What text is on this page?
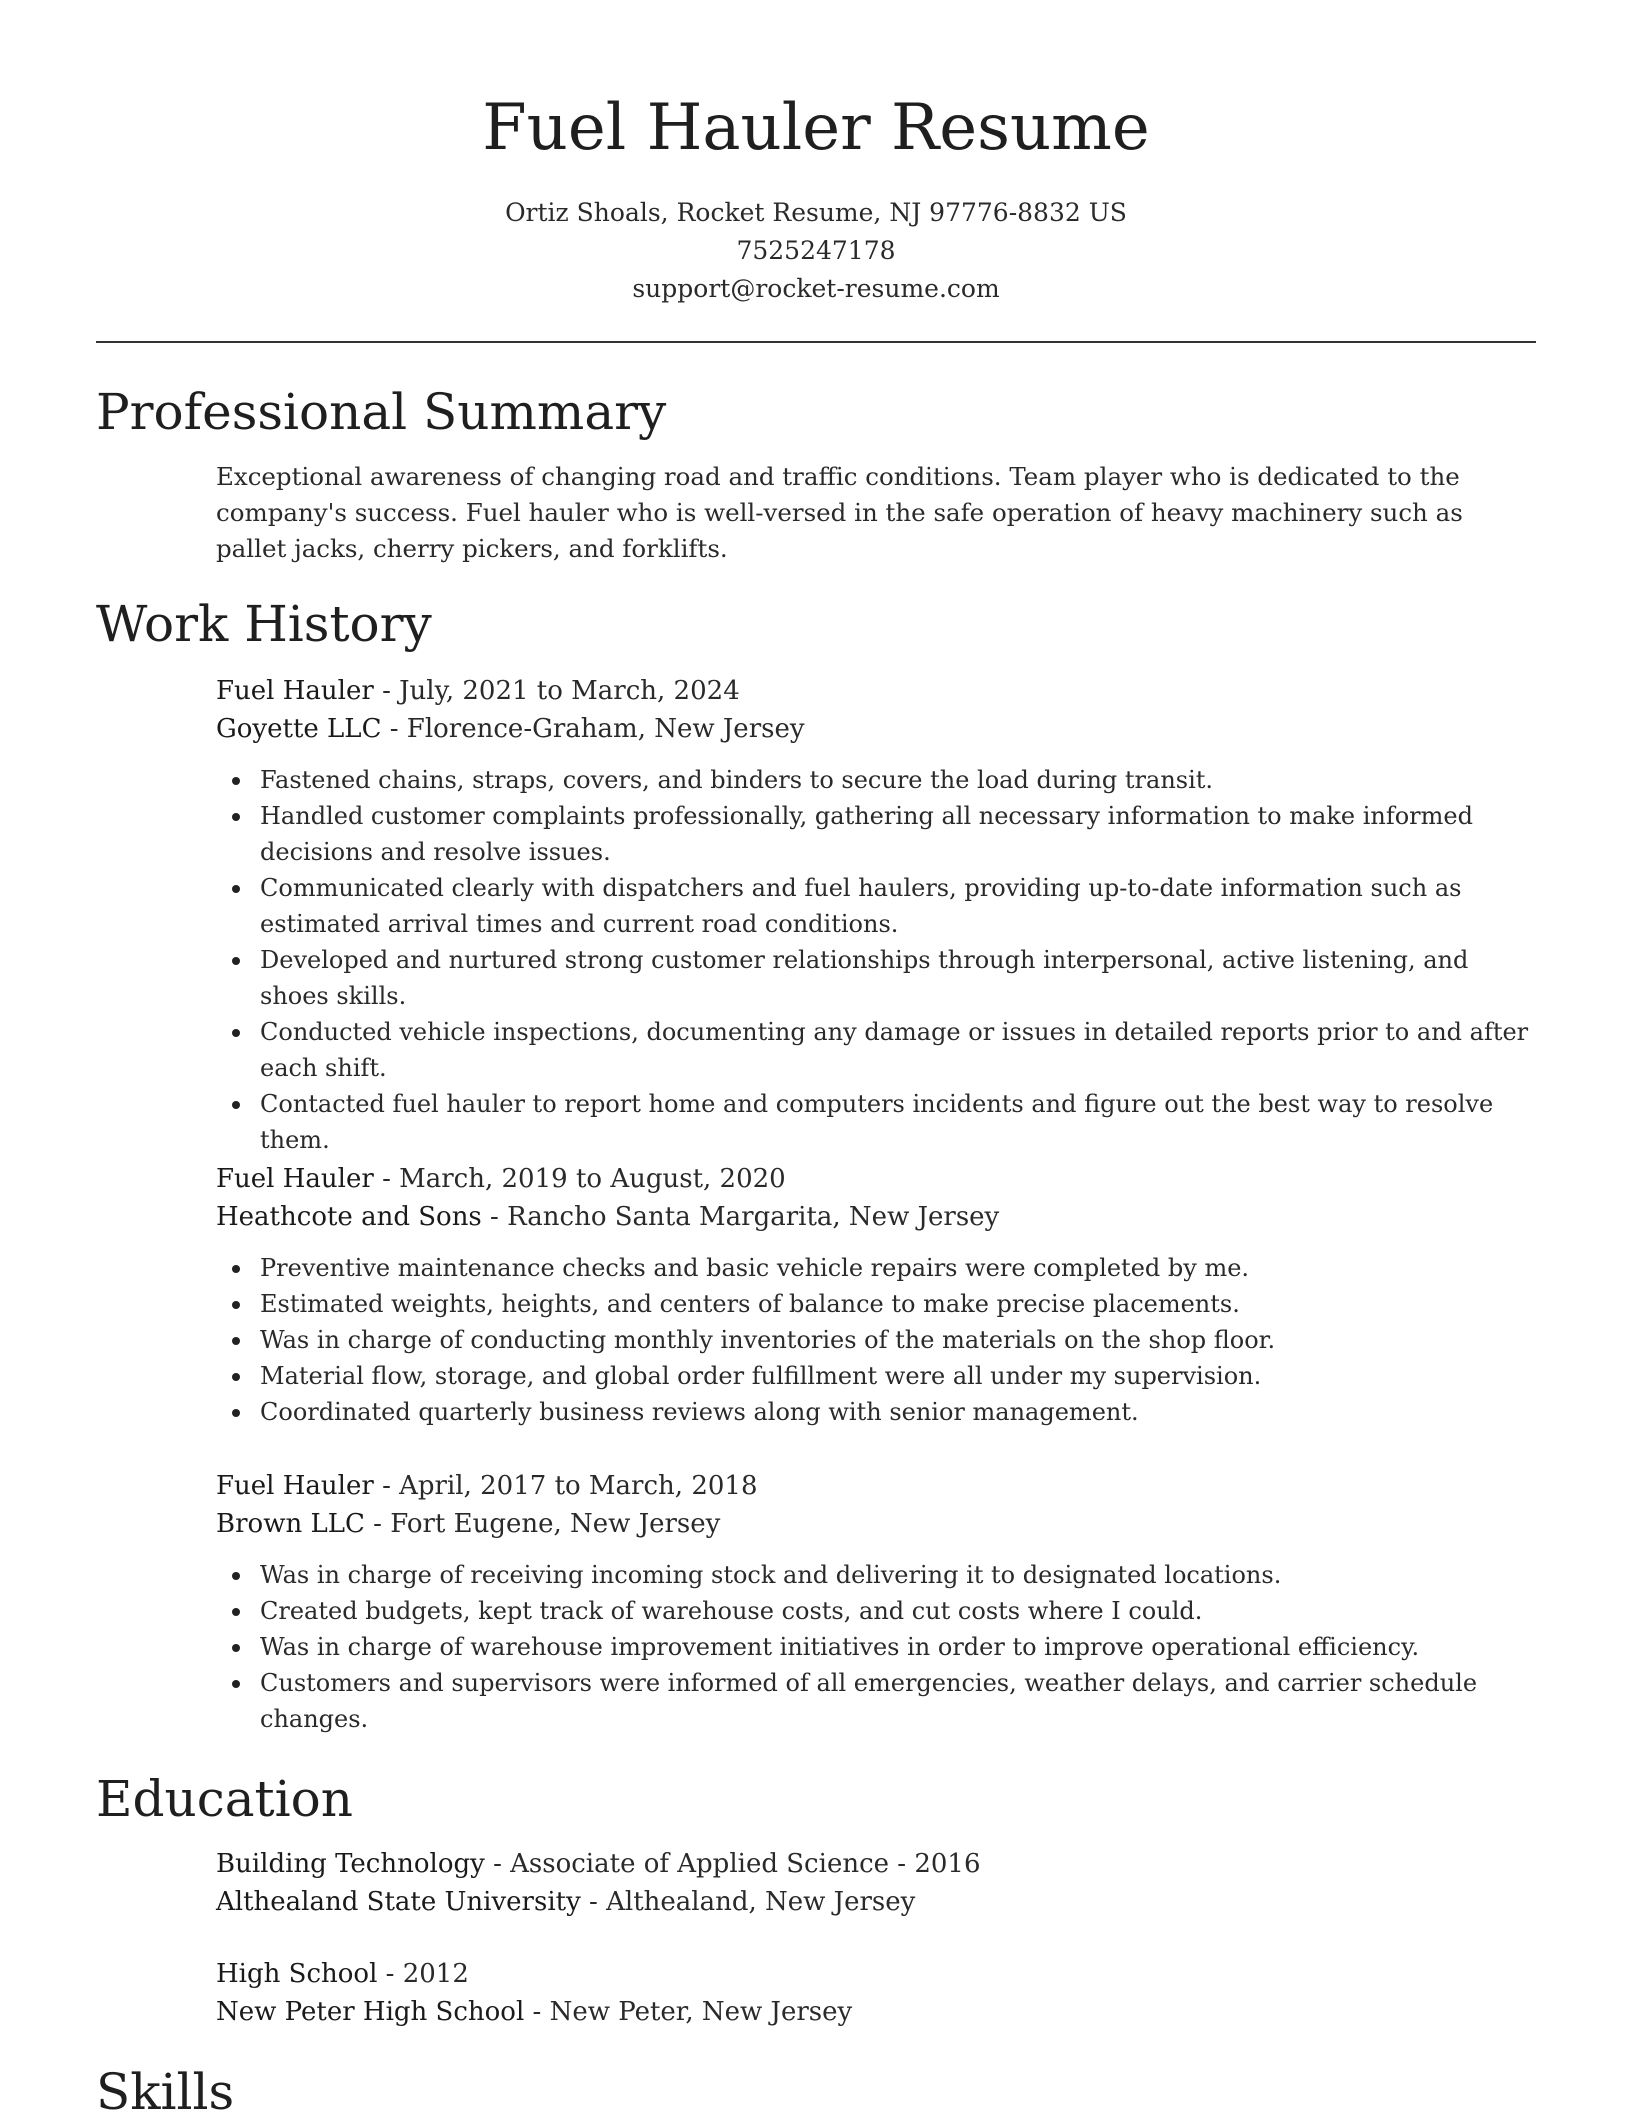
Fuel Hauler Resume
Ortiz Shoals, Rocket Resume, NJ 97776-8832 US
7525247178
support@rocket-resume.com
Professional Summary

Exceptional awareness of changing road and traffic conditions. Team player who is dedicated to the company's success. Fuel hauler who is well-versed in the safe operation of heavy machinery such as pallet jacks, cherry pickers, and forklifts.

Work History

Fuel Hauler - July, 2021 to March, 2024

Goyette LLC - Florence-Graham, New Jersey

Fastened chains, straps, covers, and binders to secure the load during transit.
Handled customer complaints professionally, gathering all necessary information to make informed decisions and resolve issues.
Communicated clearly with dispatchers and fuel haulers, providing up-to-date information such as estimated arrival times and current road conditions.
Developed and nurtured strong customer relationships through interpersonal, active listening, and shoes skills.
Conducted vehicle inspections, documenting any damage or issues in detailed reports prior to and after each shift.
Contacted fuel hauler to report home and computers incidents and figure out the best way to resolve them.

Fuel Hauler - March, 2019 to August, 2020

Heathcote and Sons - Rancho Santa Margarita, New Jersey

Preventive maintenance checks and basic vehicle repairs were completed by me.
Estimated weights, heights, and centers of balance to make precise placements.
Was in charge of conducting monthly inventories of the materials on the shop floor.
Material flow, storage, and global order fulfillment were all under my supervision.
Coordinated quarterly business reviews along with senior management.

Fuel Hauler - April, 2017 to March, 2018

Brown LLC - Fort Eugene, New Jersey

Was in charge of receiving incoming stock and delivering it to designated locations.
Created budgets, kept track of warehouse costs, and cut costs where I could.
Was in charge of warehouse improvement initiatives in order to improve operational efficiency.
Customers and supervisors were informed of all emergencies, weather delays, and carrier schedule changes.
Education

Building Technology - Associate of Applied Science - 2016

Althealand State University - Althealand, New Jersey

High School - 2012

New Peter High School - New Peter, New Jersey

Skills
